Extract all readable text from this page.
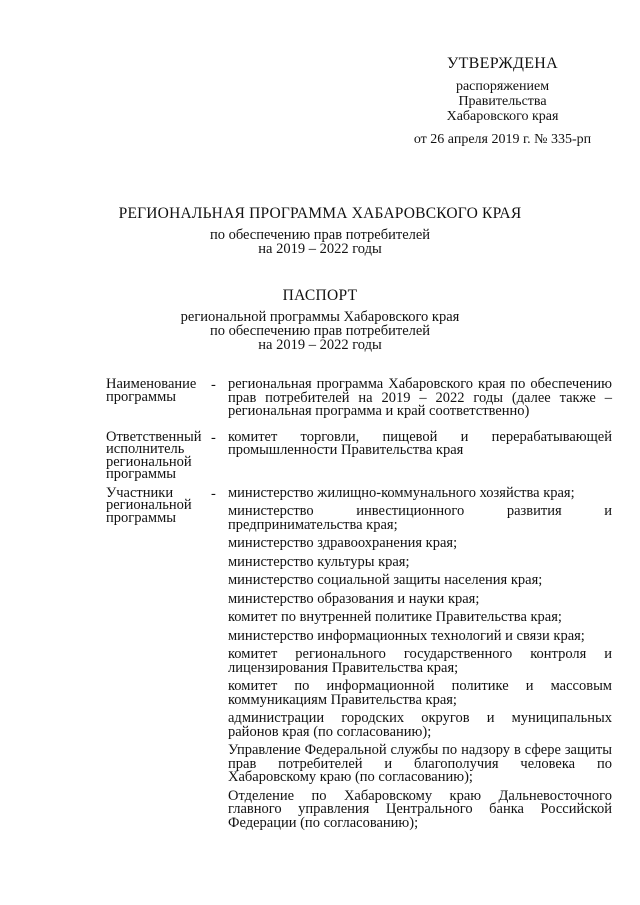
УТВЕРЖДЕНА
распоряжением
Правительства
Хабаровского края
от 26 апреля 2019 г. № 335-рп
РЕГИОНАЛЬНАЯ ПРОГРАММА ХАБАРОВСКОГО КРАЯ
по обеспечению прав потребителей
на 2019 – 2022 годы
ПАСПОРТ
региональной программы Хабаровского края
по обеспечению прав потребителей
на 2019 – 2022 годы
Наименование
программы
- региональная программа Хабаровского края по обеспечению прав потребителей на 2019 – 2022 годы (далее также – региональная программа и край соответственно)
Ответственный
исполнитель
региональной
программы
- комитет торговли, пищевой и перерабатывающей промышленности Правительства края
Участники
региональной
программы
- министерство жилищно-коммунального хозяйства края;
министерство инвестиционного развития и предпринимательства края;
министерство здравоохранения края;
министерство культуры края;
министерство социальной защиты населения края;
министерство образования и науки края;
комитет по внутренней политике Правительства края;
министерство информационных технологий и связи края;
комитет регионального государственного контроля и лицензирования Правительства края;
комитет по информационной политике и массовым коммуникациям Правительства края;
администрации городских округов и муниципальных районов края (по согласованию);
Управление Федеральной службы по надзору в сфере защиты прав потребителей и благополучия человека по Хабаровскому краю (по согласованию);
Отделение по Хабаровскому краю Дальневосточного главного управления Центрального банка Российской Федерации (по согласованию);
